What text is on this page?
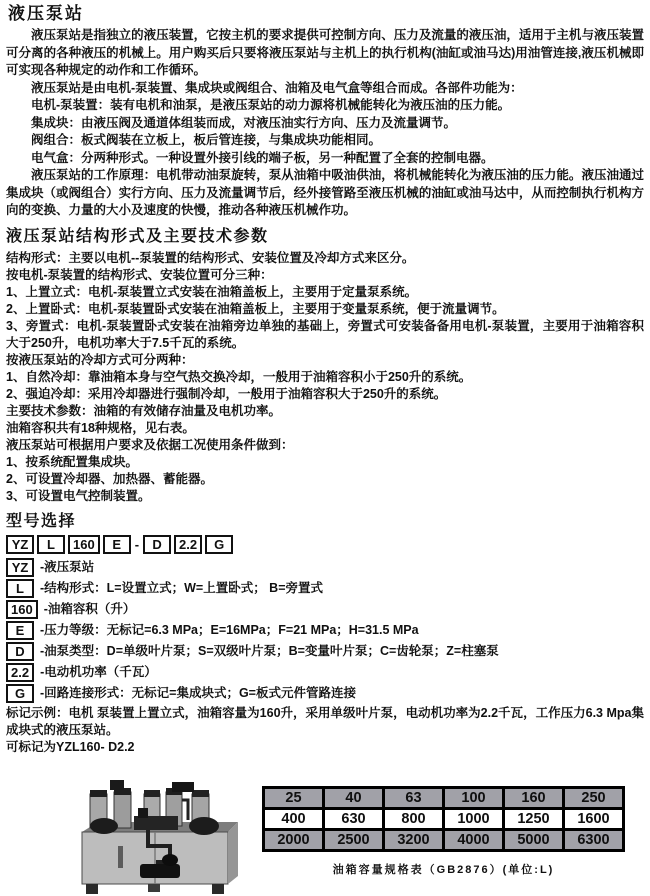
液压泵站

液压泵站是指独立的液压装置，它按主机的要求提供可控制方向、压力及流量的液压油，适用于主机与液压装置可分离的各种液压的机械上。用户购买后只要将液压泵站与主机上的执行机构(油缸或油马达)用油管连接,液压机械即可实现各种规定的动作和工作循环。

液压泵站是由电机-泵装置、集成块或阀组合、油箱及电气盒等组合而成。各部件功能为：

电机-泵装置：装有电机和油泵，是液压泵站的动力源将机械能转化为液压油的压力能。

集成块：由液压阀及通道体组装而成，对液压油实行方向、压力及流量调节。

阀组合：板式阀装在立板上，板后管连接，与集成块功能相同。

电气盒：分两种形式。一种设置外接引线的端子板，另一种配置了全套的控制电器。

液压泵站的工作原理：电机带动油泵旋转，泵从油箱中吸油供油，将机械能转化为液压油的压力能。液压油通过集成块（或阀组合）实行方向、压力及流量调节后，经外接管路至液压机械的油缸或油马达中，从而控制执行机构方向的变换、力量的大小及速度的快慢，推动各种液压机械作功。

液压泵站结构形式及主要技术参数

结构形式：主要以电机--泵装置的结构形式、安装位置及冷却方式来区分。

按电机-泵装置的结构形式、安装位置可分三种：

1、上置立式：电机-泵装置立式安装在油箱盖板上，主要用于定量泵系统。

2、上置卧式：电机-泵装置卧式安装在油箱盖板上，主要用于变量泵系统，便于流量调节。

3、旁置式：电机-泵装置卧式安装在油箱旁边单独的基础上，旁置式可安装备备用电机-泵装置，主要用于油箱容积大于250升，电机功率大于7.5千瓦的系统。

按液压泵站的冷却方式可分两种：

1、自然冷却：靠油箱本身与空气热交换冷却，一般用于油箱容积小于250升的系统。

2、强迫冷却：采用冷却器进行强制冷却，一般用于油箱容积大于250升的系统。

主要技术参数：油箱的有效储存油量及电机功率。

油箱容积共有18种规格，见右表。

液压泵站可根据用户要求及依据工况使用条件做到：

1、按系统配置集成块。

2、可设置冷却器、加热器、蓄能器。

3、可设置电气控制装置。

型号选择
YZ L 160 E - D 2.2 G
YZ -液压泵站
L	-结构形式：L=设置立式；W=上置卧式； B=旁置式
160 -油箱容积（升）
E	-压力等级：无标记=6.3 MPa；E=16MPa；F=21 MPa；H=31.5 MPa
D	-油泵类型：D=单级叶片泵；S=双级叶片泵；B=变量叶片泵；C=齿轮泵；Z=柱塞泵
2.2 -电动机功率（千瓦）
G	-回路连接形式：无标记=集成块式；G=板式元件管路连接

标记示例：电机 泵装置上置立式，油箱容量为160升，采用单级叶片泵，电动机功率为2.2千瓦，工作压力6.3 Mpa集成块式的液压泵站。

可标记为YZL160- D2.2

25	40	63	100	160	250
400	630	800	1000	1250	1600
2000	2500	3200	4000	5000	6300
油箱容量规格表（GB2876）(单位:L)
